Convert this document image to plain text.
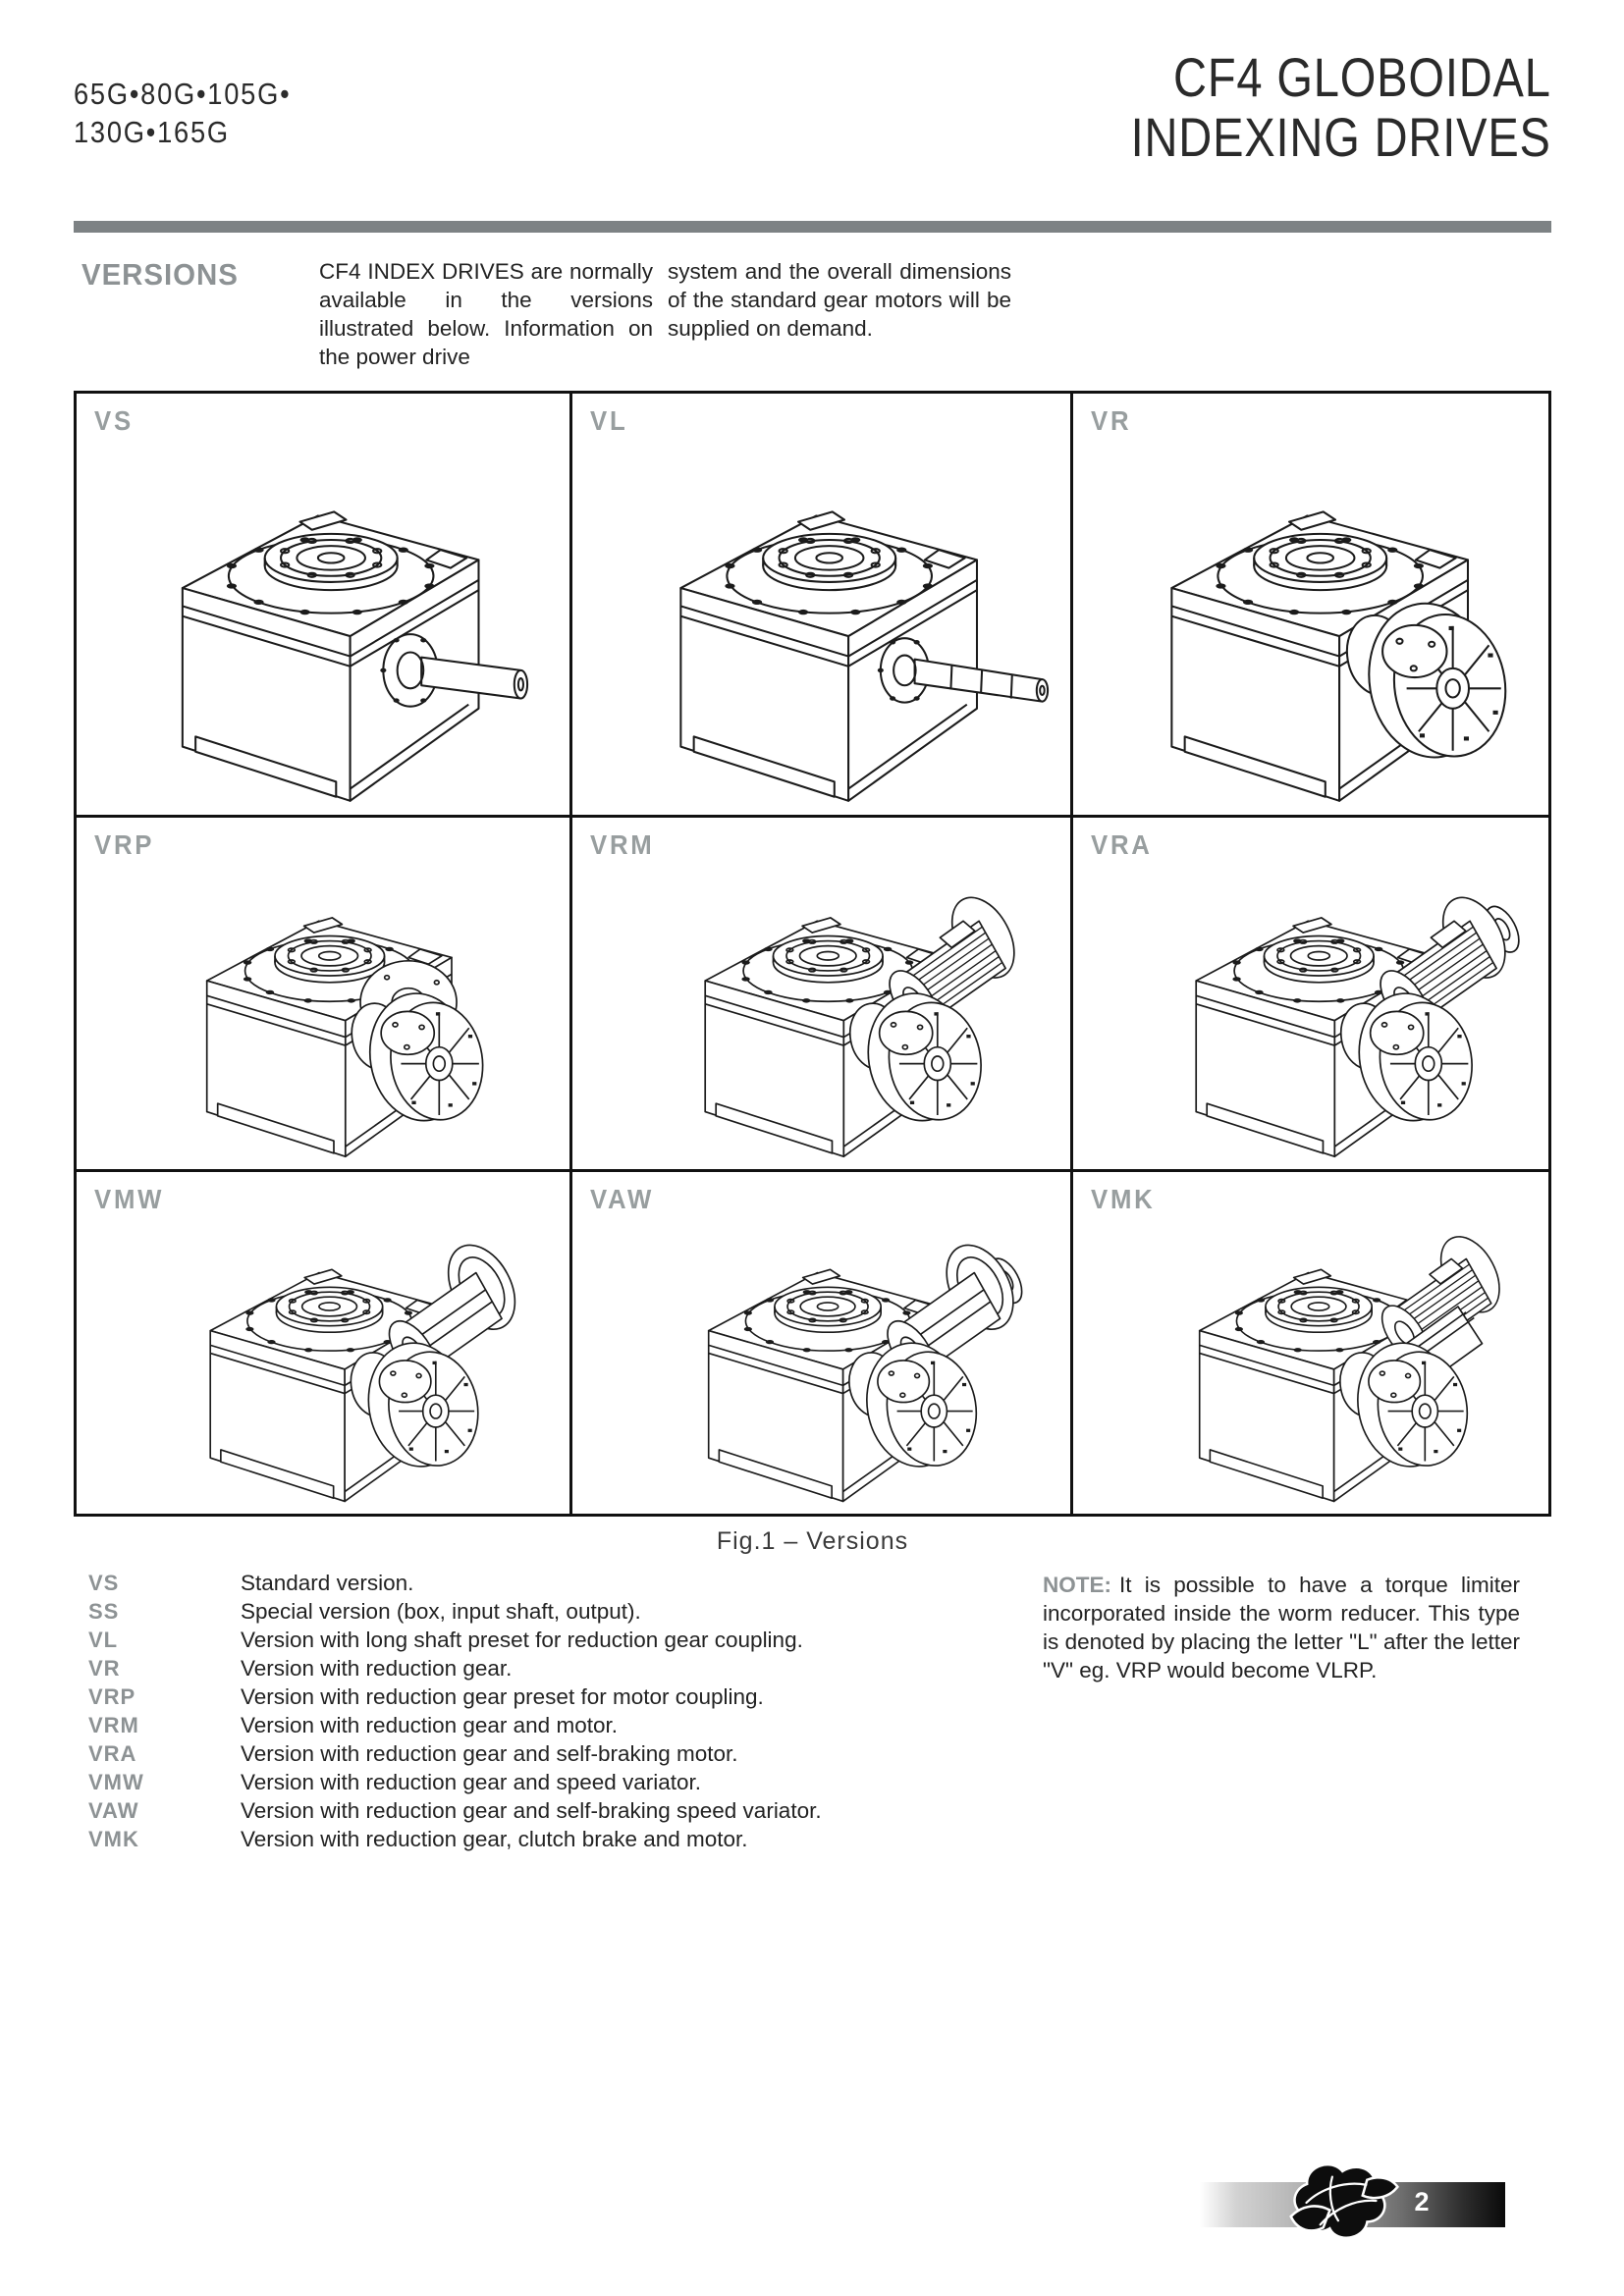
65G•80G•105G•
130G•165G
CF4 GLOBOIDAL
INDEXING DRIVES
VERSIONS	CF4 INDEX DRIVES are normally available in the versions illustrated below. Information on the power drive
system and the overall dimensions of the standard gear motors will be supplied on demand.
VS	VL	VR
VRP	VRM	VRA
VMW	VAW	VMK
Fig.1 – Versions
VS	Standard version.
SS	Special version (box, input shaft, output).
VL	Version with long shaft preset for reduction gear coupling.
VR	Version with reduction gear.
VRP	Version with reduction gear preset for motor coupling.
VRM	Version with reduction gear and motor.
VRA	Version with reduction gear and self-braking motor.
VMW	Version with reduction gear and speed variator.
VAW	Version with reduction gear and self-braking speed variator.
VMK	Version with reduction gear, clutch brake and motor.
NOTE: It is possible to have a torque limiter incorporated inside the worm reducer. This type is denoted by placing the letter "L" after the letter "V" eg. VRP would become VLRP.
2
